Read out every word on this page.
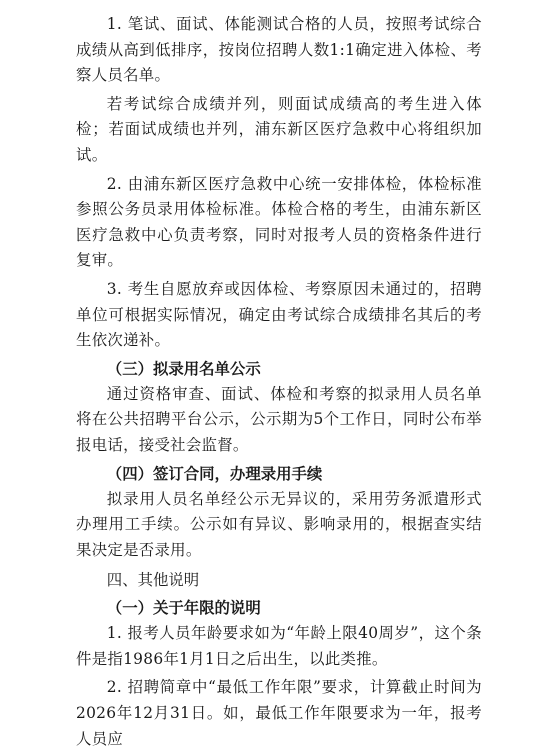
1. 笔试、面试、体能测试合格的人员，按照考试综合成绩从高到低排序，按岗位招聘人数1:1确定进入体检、考察人员名单。

若考试综合成绩并列，则面试成绩高的考生进入体检；若面试成绩也并列，浦东新区医疗急救中心将组织加试。

2. 由浦东新区医疗急救中心统一安排体检，体检标准参照公务员录用体检标准。体检合格的考生，由浦东新区医疗急救中心负责考察，同时对报考人员的资格条件进行复审。

3. 考生自愿放弃或因体检、考察原因未通过的，招聘单位可根据实际情况，确定由考试综合成绩排名其后的考生依次递补。

（三）拟录用名单公示

通过资格审查、面试、体检和考察的拟录用人员名单将在公共招聘平台公示，公示期为5个工作日，同时公布举报电话，接受社会监督。

（四）签订合同，办理录用手续

拟录用人员名单经公示无异议的，采用劳务派遣形式办理用工手续。公示如有异议、影响录用的，根据查实结果决定是否录用。

四、其他说明

（一）关于年限的说明

1. 报考人员年龄要求如为“年龄上限40周岁”，这个条件是指1986年1月1日之后出生，以此类推。

2. 招聘简章中“最低工作年限”要求，计算截止时间为2026年12月31日。如，最低工作年限要求为一年，报考人员应
